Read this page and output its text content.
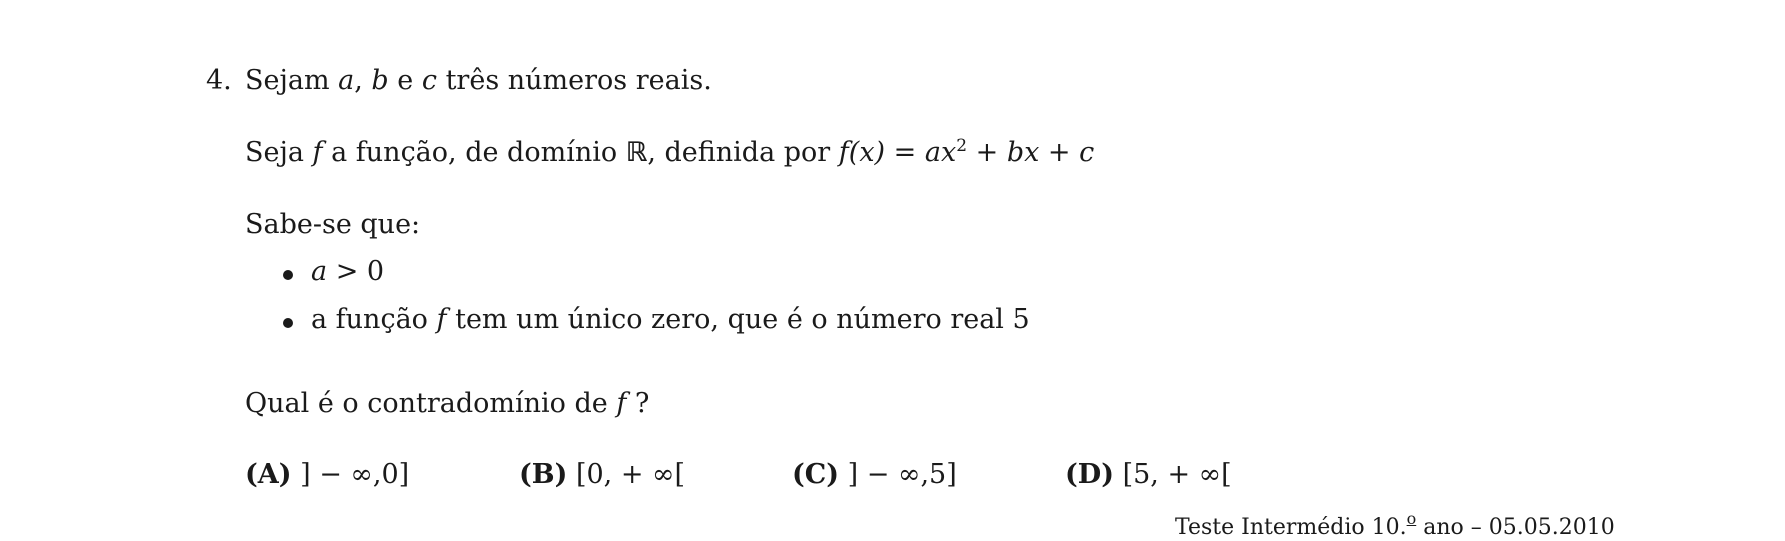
4. Sejam a, b e c três números reais.
Seja f a função, de domínio ℝ, definida por $f(x) = ax^2$ + bx + c
Sabe-se que:
a > 0
a função f tem um único zero, que é o número real 5
Qual é o contradomínio de f ?
(A) ] − ∞,0]	(B) [0, + ∞[	(C) ] − ∞,5]	(D) [5, + ∞[
Teste Intermédio 10.$^o$ ano – 05.05.2010
